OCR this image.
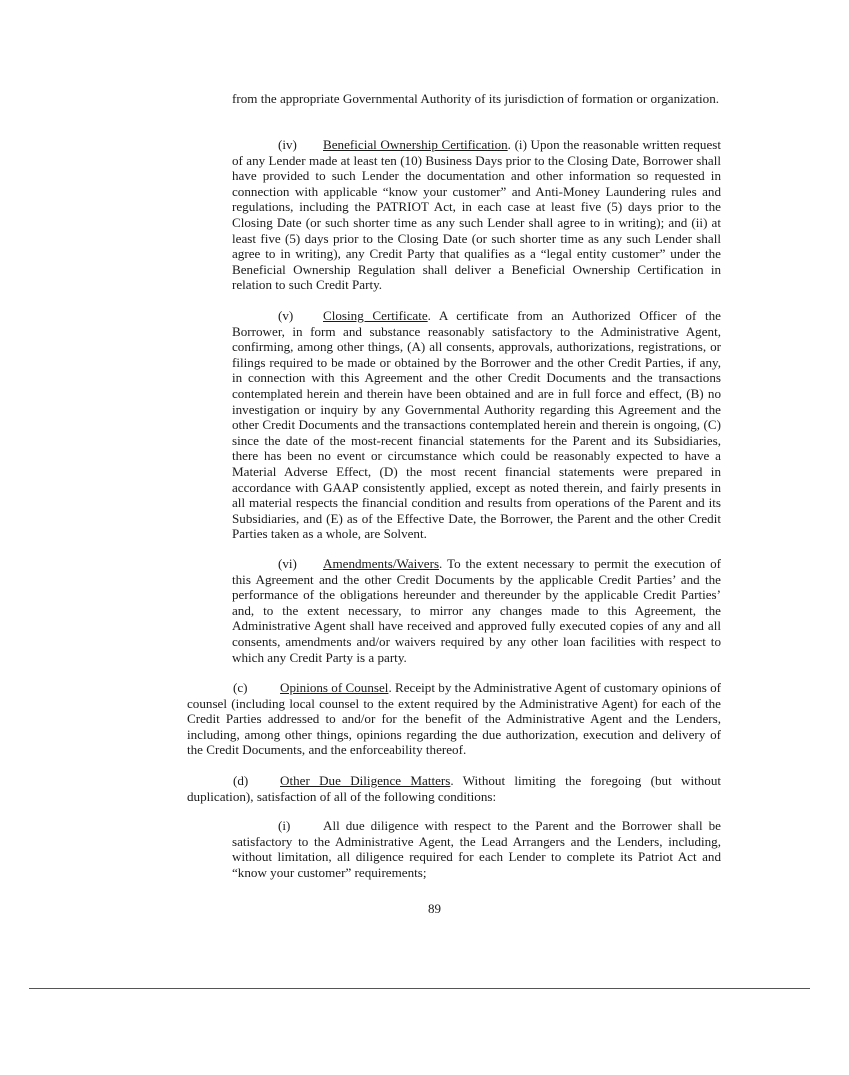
from the appropriate Governmental Authority of its jurisdiction of formation or organization.

(iv) Beneficial Ownership Certification. (i) Upon the reasonable written request of any Lender made at least ten (10) Business Days prior to the Closing Date, Borrower shall have provided to such Lender the documentation and other information so requested in connection with applicable “know your customer” and Anti-Money Laundering rules and regulations, including the PATRIOT Act, in each case at least five (5) days prior to the Closing Date (or such shorter time as any such Lender shall agree to in writing); and (ii) at least five (5) days prior to the Closing Date (or such shorter time as any such Lender shall agree to in writing), any Credit Party that qualifies as a “legal entity customer” under the Beneficial Ownership Regulation shall deliver a Beneficial Ownership Certification in relation to such Credit Party.

(v) Closing Certificate. A certificate from an Authorized Officer of the Borrower, in form and substance reasonably satisfactory to the Administrative Agent, confirming, among other things, (A) all consents, approvals, authorizations, registrations, or filings required to be made or obtained by the Borrower and the other Credit Parties, if any, in connection with this Agreement and the other Credit Documents and the transactions contemplated herein and therein have been obtained and are in full force and effect, (B) no investigation or inquiry by any Governmental Authority regarding this Agreement and the other Credit Documents and the transactions contemplated herein and therein is ongoing, (C) since the date of the most-recent financial statements for the Parent and its Subsidiaries, there has been no event or circumstance which could be reasonably expected to have a Material Adverse Effect, (D) the most recent financial statements were prepared in accordance with GAAP consistently applied, except as noted therein, and fairly presents in all material respects the financial condition and results from operations of the Parent and its Subsidiaries, and (E) as of the Effective Date, the Borrower, the Parent and the other Credit Parties taken as a whole, are Solvent.

(vi) Amendments/Waivers. To the extent necessary to permit the execution of this Agreement and the other Credit Documents by the applicable Credit Parties’ and the performance of the obligations hereunder and thereunder by the applicable Credit Parties’ and, to the extent necessary, to mirror any changes made to this Agreement, the Administrative Agent shall have received and approved fully executed copies of any and all consents, amendments and/or waivers required by any other loan facilities with respect to which any Credit Party is a party.

(c) Opinions of Counsel. Receipt by the Administrative Agent of customary opinions of counsel (including local counsel to the extent required by the Administrative Agent) for each of the Credit Parties addressed to and/or for the benefit of the Administrative Agent and the Lenders, including, among other things, opinions regarding the due authorization, execution and delivery of the Credit Documents, and the enforceability thereof.

(d) Other Due Diligence Matters. Without limiting the foregoing (but without duplication), satisfaction of all of the following conditions:

(i) All due diligence with respect to the Parent and the Borrower shall be satisfactory to the Administrative Agent, the Lead Arrangers and the Lenders, including, without limitation, all diligence required for each Lender to complete its Patriot Act and “know your customer” requirements;

89
